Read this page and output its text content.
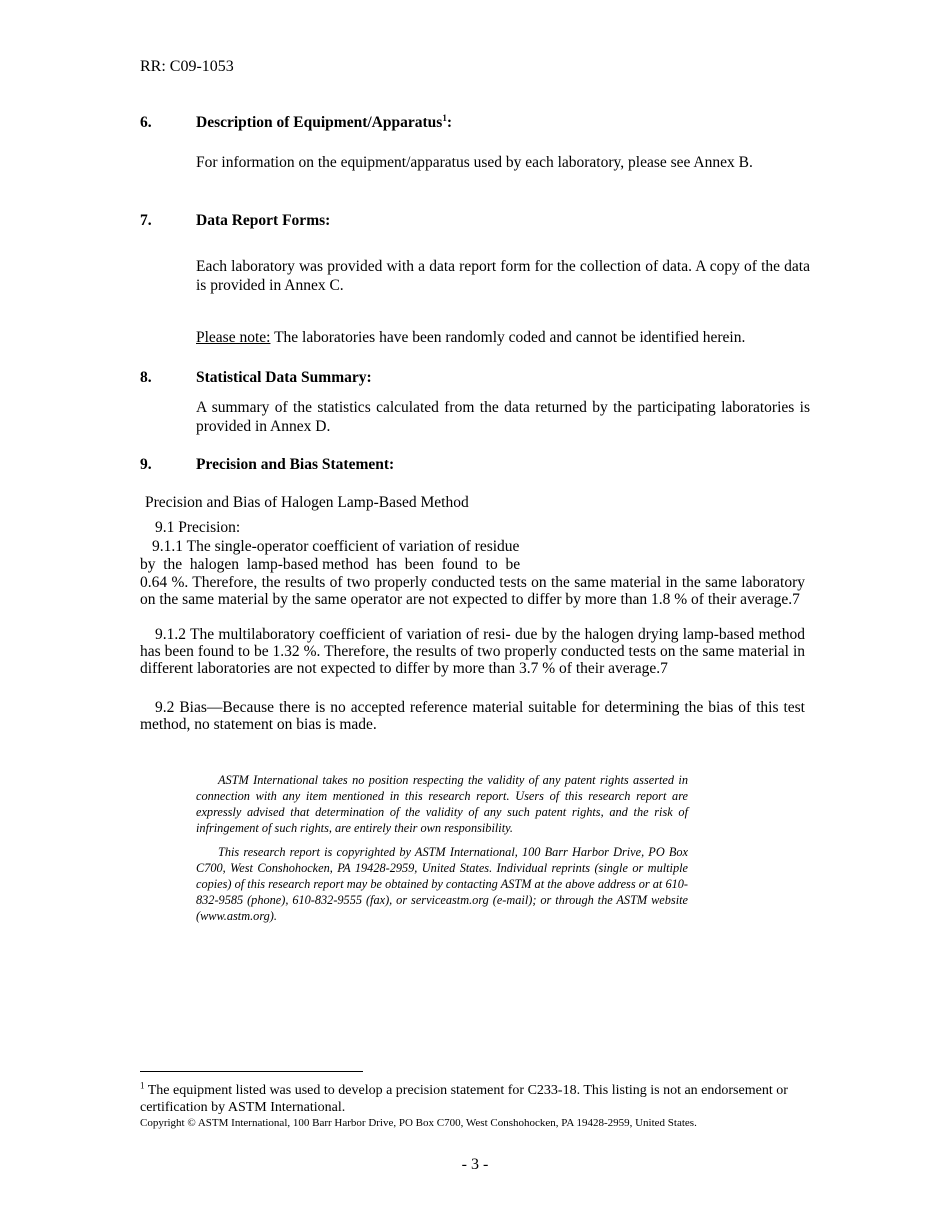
RR: C09-1053
6.	Description of Equipment/Apparatus$^1$:
For information on the equipment/apparatus used by each laboratory, please see Annex B.
7.	Data Report Forms:
Each laboratory was provided with a data report form for the collection of data. A copy of the data is provided in Annex C.
Please note: The laboratories have been randomly coded and cannot be identified herein.
8.	Statistical Data Summary:
A summary of the statistics calculated from the data returned by the participating laboratories is provided in Annex D.
9.	Precision and Bias Statement:
Precision and Bias of Halogen Lamp-Based Method
9.1 Precision:
9.1.1 The single-operator coefficient of variation of residue
by  the  halogen  lamp-based method  has  been  found  to  be
0.64 %. Therefore, the results of two properly conducted tests on the same material in the same laboratory on the same material by the same operator are not expected to differ by more than 1.8 % of their average.7
9.1.2 The multilaboratory coefficient of variation of resi- due by the halogen drying lamp-based method has been found to be 1.32 %. Therefore, the results of two properly conducted tests on the same material in different laboratories are not expected to differ by more than 3.7 % of their average.7
9.2 Bias—Because there is no accepted reference material suitable for determining the bias of this test method, no statement on bias is made.

ASTM International takes no position respecting the validity of any patent rights asserted in connection with any item mentioned in this research report. Users of this research report are expressly advised that determination of the validity of any such patent rights, and the risk of infringement of such rights, are entirely their own responsibility.

This research report is copyrighted by ASTM International, 100 Barr Harbor Drive, PO Box C700, West Conshohocken, PA 19428-2959, United States. Individual reprints (single or multiple copies) of this research report may be obtained by contacting ASTM at the above address or at 610-832-9585 (phone), 610-832-9555 (fax), or serviceastm.org (e-mail); or through the ASTM website (www.astm.org).

$^1$ The equipment listed was used to develop a precision statement for C233-18. This listing is not an endorsement or certification by ASTM International.
Copyright © ASTM International, 100 Barr Harbor Drive, PO Box C700, West Conshohocken, PA 19428-2959, United States.
- 3 -
